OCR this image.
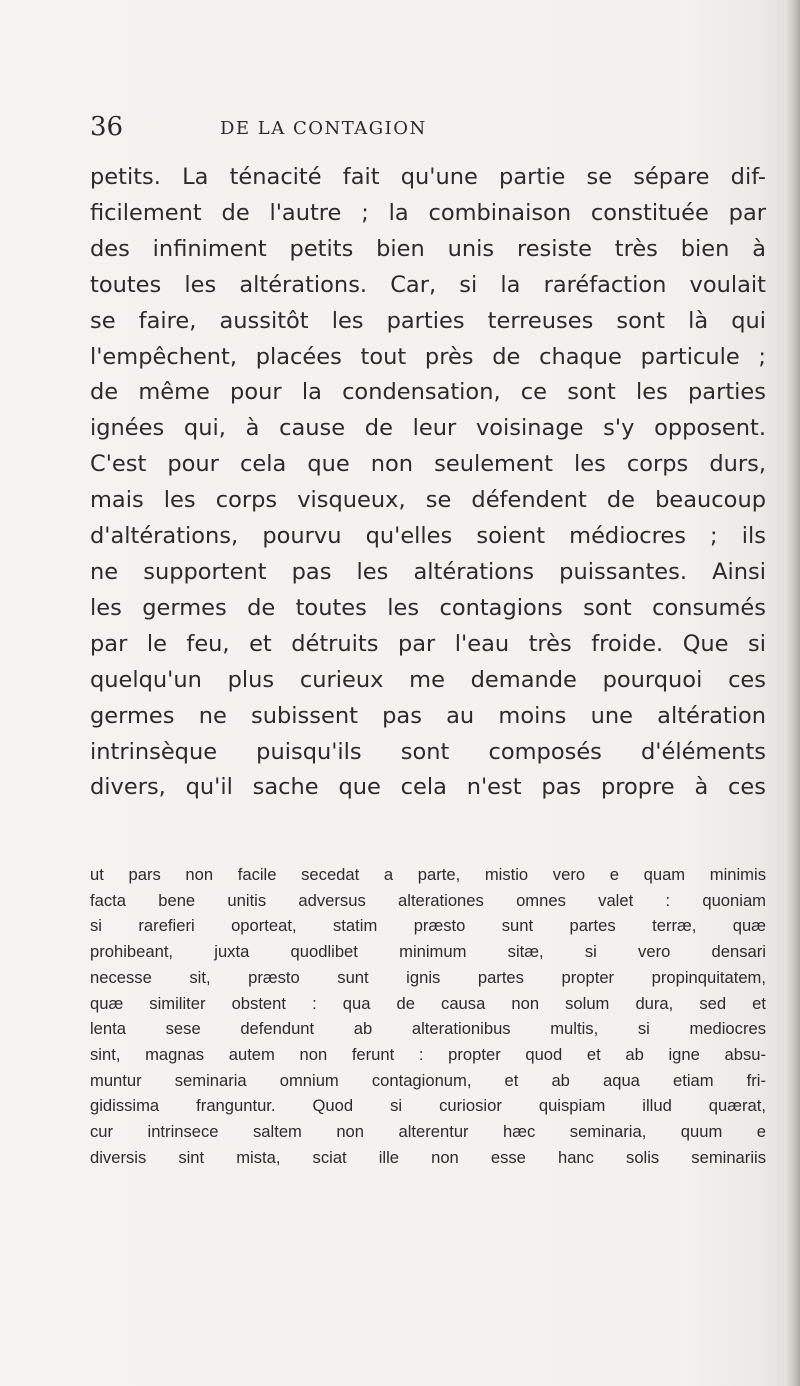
36	DE LA CONTAGION
petits. La ténacité fait qu'une partie se sépare dif-
ficilement de l'autre ; la combinaison constituée par
des infiniment petits bien unis resiste très bien à
toutes les altérations. Car, si la raréfaction voulait
se faire, aussitôt les parties terreuses sont là qui
l'empêchent, placées tout près de chaque particule ;
de même pour la condensation, ce sont les parties
ignées qui, à cause de leur voisinage s'y opposent.
C'est pour cela que non seulement les corps durs,
mais les corps visqueux, se défendent de beaucoup
d'altérations, pourvu qu'elles soient médiocres ; ils
ne supportent pas les altérations puissantes. Ainsi
les germes de toutes les contagions sont consumés
par le feu, et détruits par l'eau très froide. Que si
quelqu'un plus curieux me demande pourquoi ces
germes ne subissent pas au moins une altération
intrinsèque puisqu'ils sont composés d'éléments
divers, qu'il sache que cela n'est pas propre à ces
ut pars non facile secedat a parte, mistio vero e quam minimis
facta bene unitis adversus alterationes omnes valet : quoniam
si rarefieri oporteat, statim præsto sunt partes terræ, quæ
prohibeant, juxta quodlibet minimum sitæ, si vero densari
necesse sit, præsto sunt ignis partes propter propinquitatem,
quæ similiter obstent : qua de causa non solum dura, sed et
lenta sese defendunt ab alterationibus multis, si mediocres
sint, magnas autem non ferunt : propter quod et ab igne absu-
muntur seminaria omnium contagionum, et ab aqua etiam fri-
gidissima franguntur. Quod si curiosior quispiam illud quærat,
cur intrinsece saltem non alterentur hæc seminaria, quum e
diversis sint mista, sciat ille non esse hanc solis seminariis
